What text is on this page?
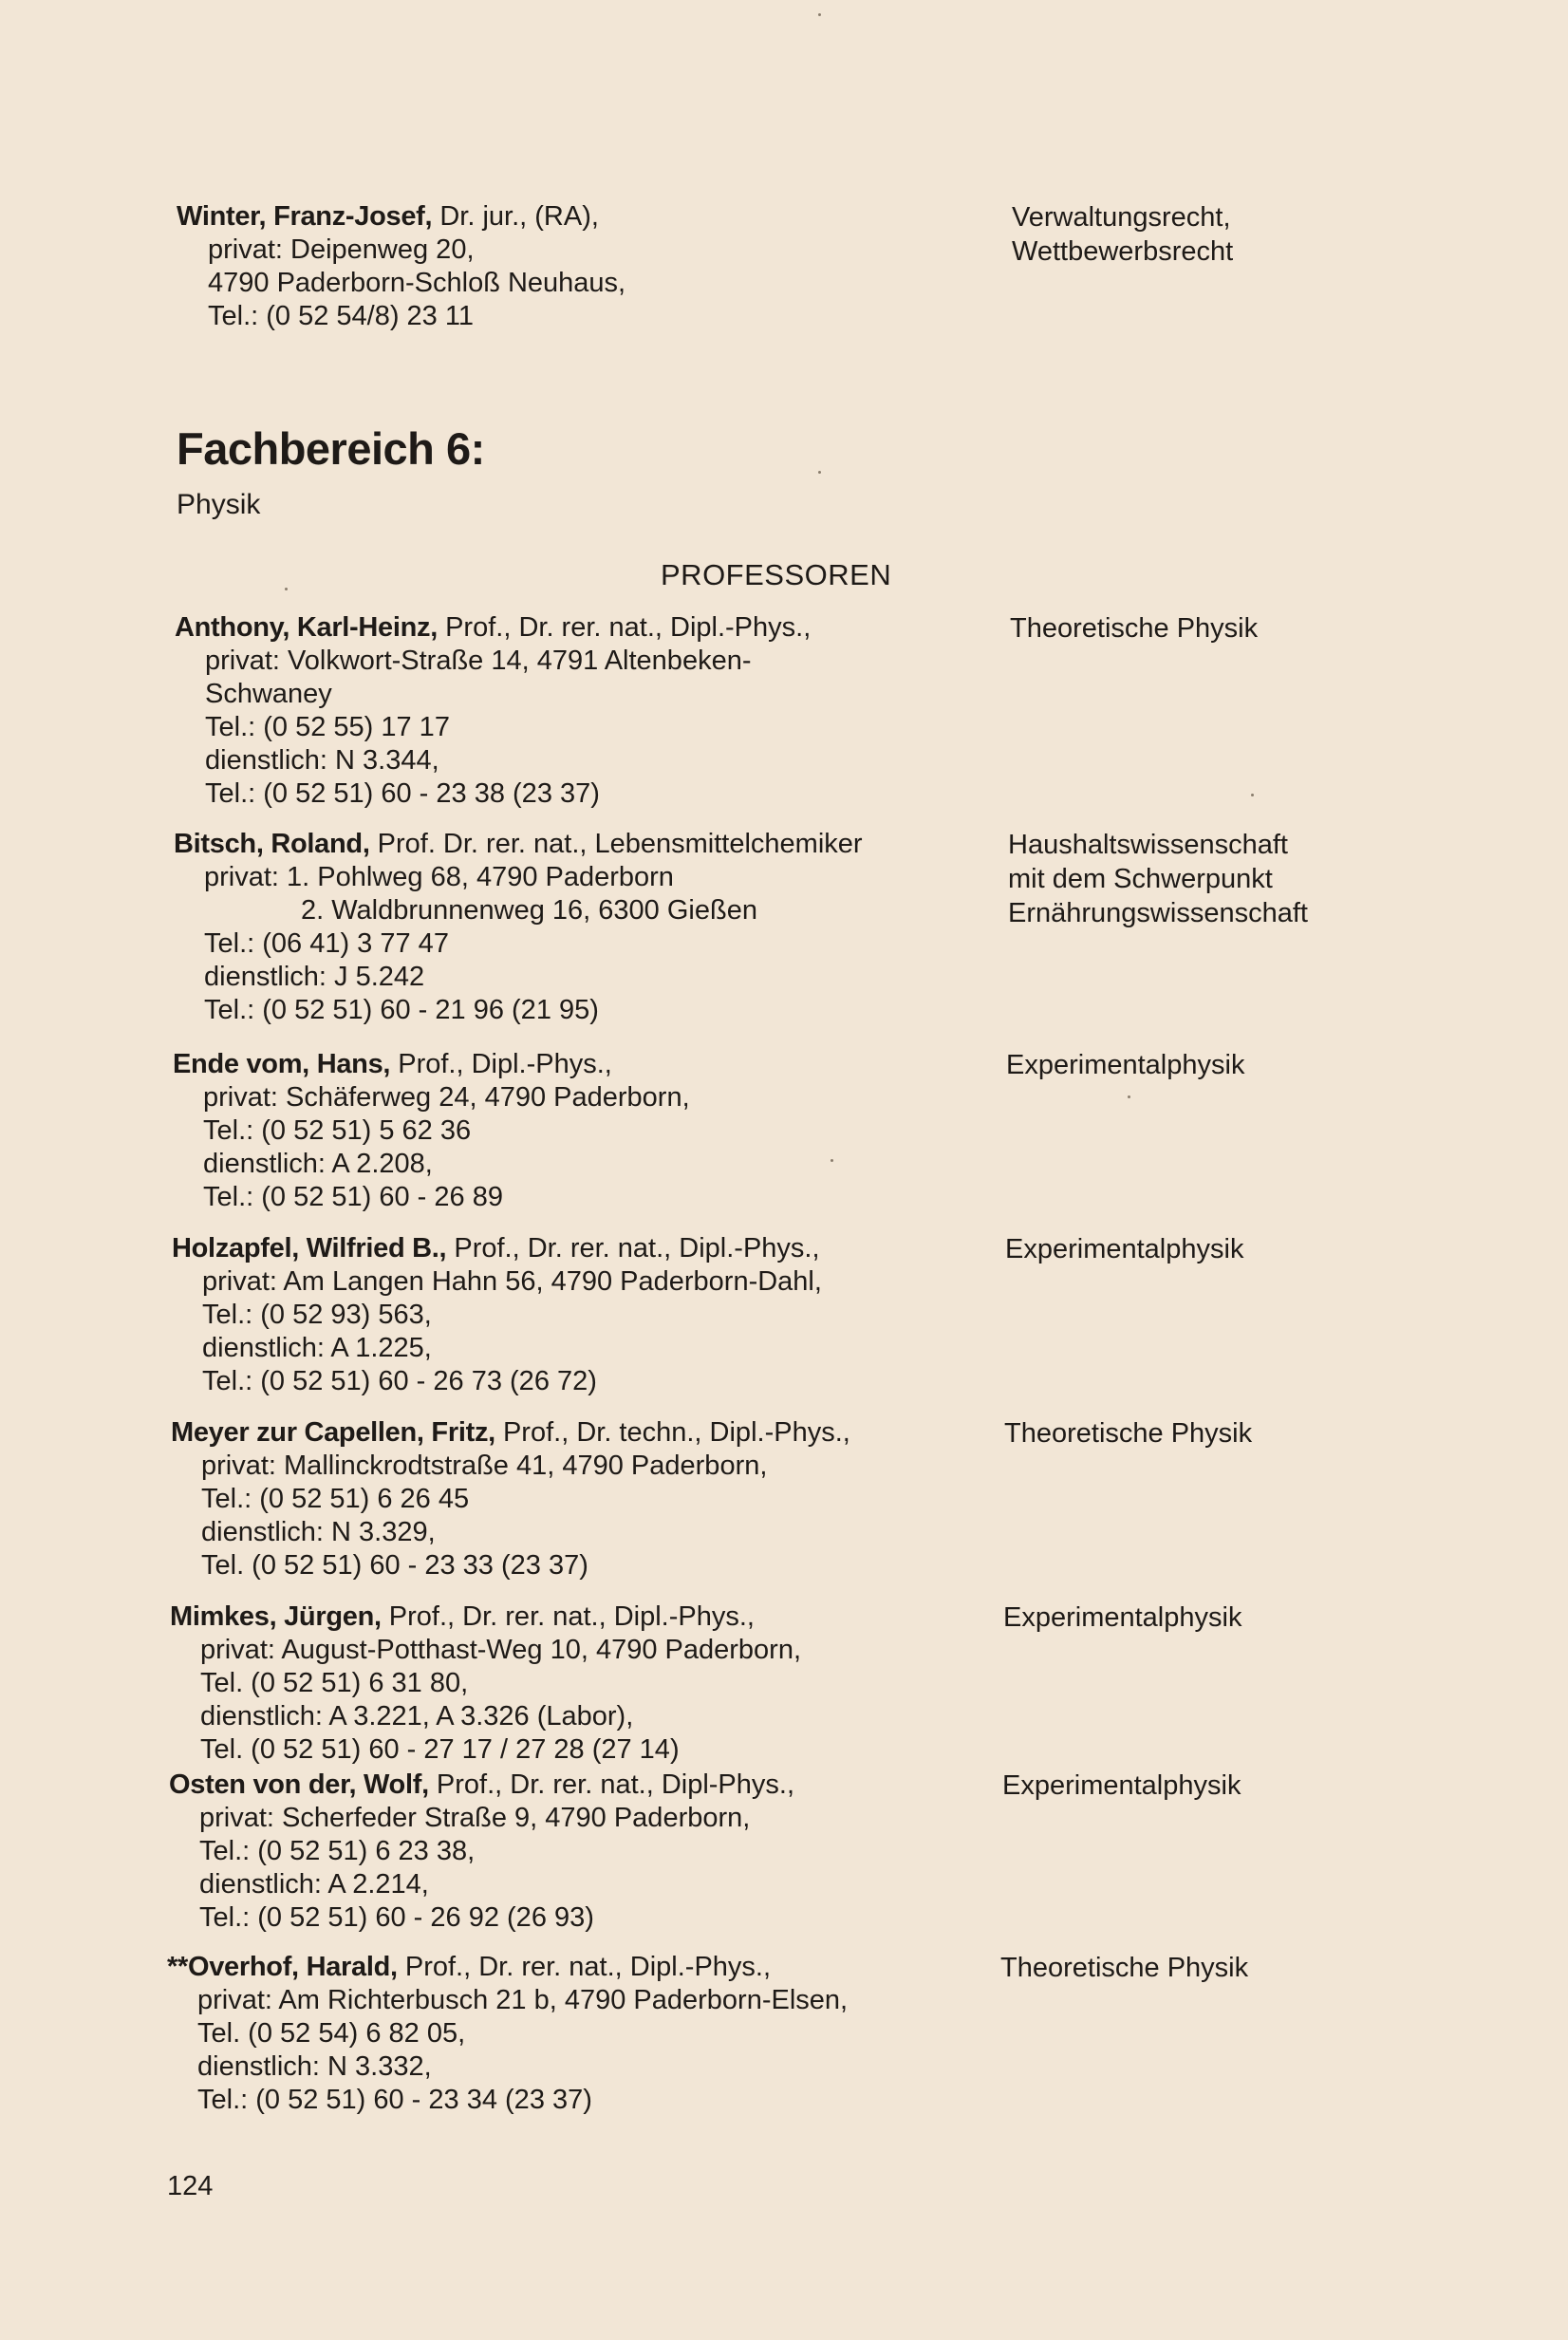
Winter, Franz-Josef, Dr. jur., (RA),
privat: Deipenweg 20,
4790 Paderborn-Schloß Neuhaus,
Tel.: (0 52 54/8) 23 11
Verwaltungsrecht,
Wettbewerbsrecht
Fachbereich 6:
Physik
PROFESSOREN
Anthony, Karl-Heinz, Prof., Dr. rer. nat., Dipl.-Phys.,
privat: Volkwort-Straße 14, 4791 Altenbeken-
Schwaney
Tel.: (0 52 55) 17 17
dienstlich: N 3.344,
Tel.: (0 52 51) 60 - 23 38 (23 37)
Theoretische Physik
Bitsch, Roland, Prof. Dr. rer. nat., Lebensmittelchemiker
privat: 1. Pohlweg 68, 4790 Paderborn
2. Waldbrunnenweg 16, 6300 Gießen
Tel.: (06 41) 3 77 47
dienstlich: J 5.242
Tel.: (0 52 51) 60 - 21 96 (21 95)
Haushaltswissenschaft
mit dem Schwerpunkt
Ernährungswissenschaft
Ende vom, Hans, Prof., Dipl.-Phys.,
privat: Schäferweg 24, 4790 Paderborn,
Tel.: (0 52 51) 5 62 36
dienstlich: A 2.208,
Tel.: (0 52 51) 60 - 26 89
Experimentalphysik
Holzapfel, Wilfried B., Prof., Dr. rer. nat., Dipl.-Phys.,
privat: Am Langen Hahn 56, 4790 Paderborn-Dahl,
Tel.: (0 52 93) 563,
dienstlich: A 1.225,
Tel.: (0 52 51) 60 - 26 73 (26 72)
Experimentalphysik
Meyer zur Capellen, Fritz, Prof., Dr. techn., Dipl.-Phys.,
privat: Mallinckrodtstraße 41, 4790 Paderborn,
Tel.: (0 52 51) 6 26 45
dienstlich: N 3.329,
Tel. (0 52 51) 60 - 23 33 (23 37)
Theoretische Physik
Mimkes, Jürgen, Prof., Dr. rer. nat., Dipl.-Phys.,
privat: August-Potthast-Weg 10, 4790 Paderborn,
Tel. (0 52 51) 6 31 80,
dienstlich: A 3.221, A 3.326 (Labor),
Tel. (0 52 51) 60 - 27 17 / 27 28 (27 14)
Experimentalphysik
Osten von der, Wolf, Prof., Dr. rer. nat., Dipl-Phys.,
privat: Scherfeder Straße 9, 4790 Paderborn,
Tel.: (0 52 51) 6 23 38,
dienstlich: A 2.214,
Tel.: (0 52 51) 60 - 26 92 (26 93)
Experimentalphysik
**Overhof, Harald, Prof., Dr. rer. nat., Dipl.-Phys.,
privat: Am Richterbusch 21 b, 4790 Paderborn-Elsen,
Tel. (0 52 54) 6 82 05,
dienstlich: N 3.332,
Tel.: (0 52 51) 60 - 23 34 (23 37)
Theoretische Physik
124
